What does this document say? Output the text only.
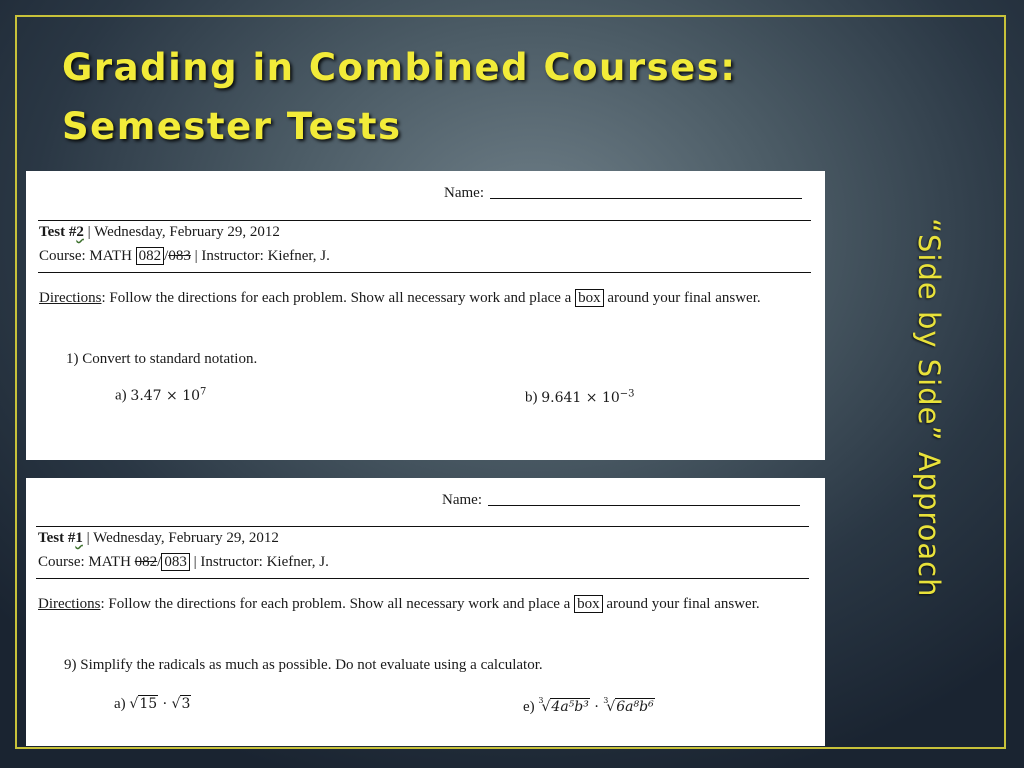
Grading in Combined Courses:
Semester Tests
“Side by Side” Approach
Name:
Test #2 | Wednesday, February 29, 2012
Course: MATH 082 /083 | Instructor: Kiefner, J.
Directions: Follow the directions for each problem. Show all necessary work and place a box around your final answer.
1) Convert to standard notation.
a) $3.47 \times 10^7$	b) $9.641 \times 10^{-3}$
Name:
Test #1 | Wednesday, February 29, 2012
Course: MATH 082/ 083 | Instructor: Kiefner, J.
Directions: Follow the directions for each problem. Show all necessary work and place a box around your final answer.
9) Simplify the radicals as much as possible. Do not evaluate using a calculator.
a) √15 · √3	e) $^3$√4a⁵b³ · $^3$√6a⁸b⁶
